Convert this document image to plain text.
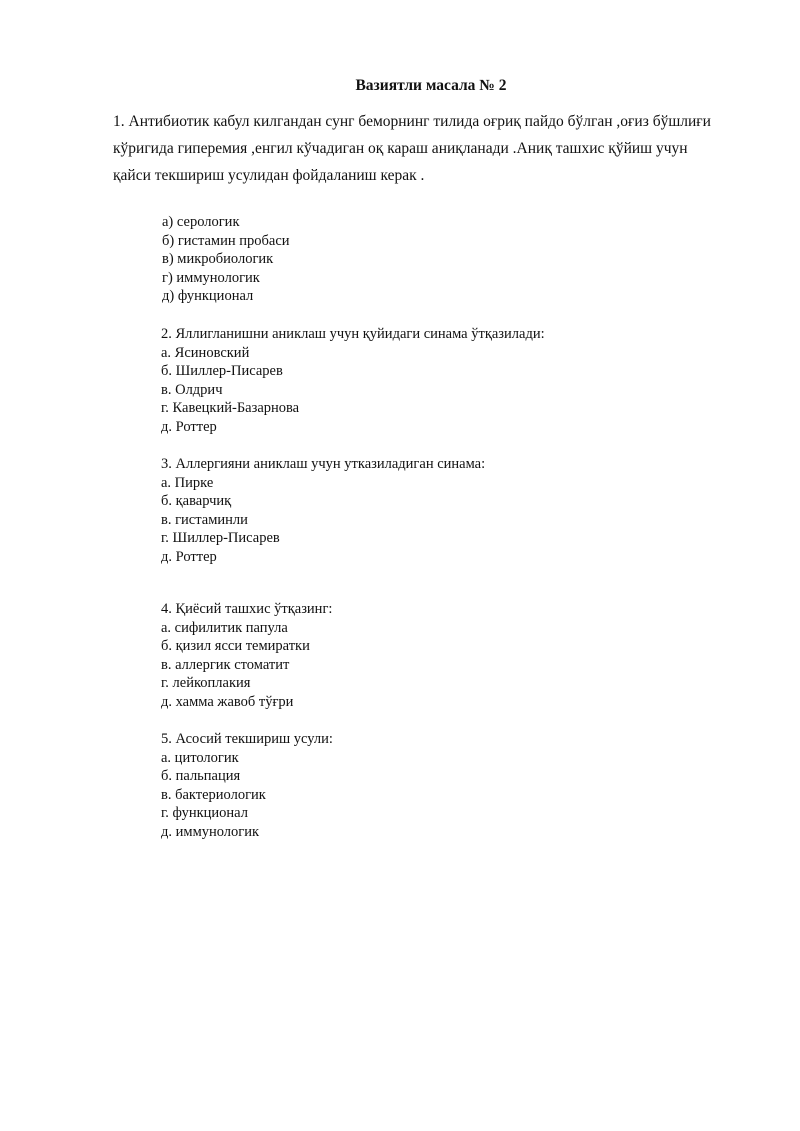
Вазиятли масала № 2
1. Антибиотик кабул килгандан сунг беморнинг тилида оғриқ пайдо бўлган ,оғиз бўшлиғи
кўригида гиперемия ,енгил кўчадиган оқ караш аниқланади .Аниқ ташхис қўйиш учун
қайси текшириш усулидан фойдаланиш керак .
а) серологик
б) гистамин пробаси
в) микробиологик
г) иммунологик
д) функционал
2. Яллигланишни аниклаш учун қуйидаги синама ўтқазилади:
а. Ясиновский
б. Шиллер-Писарев
в. Олдрич
г. Кавецкий-Базарнова
д. Роттер
3. Аллергияни аниклаш учун утказиладиган синама:
а. Пирке
б. қаварчиқ
в. гистаминли
г. Шиллер-Писарев
д. Роттер
4. Қиёсий ташхис ўтқазинг:
а. сифилитик папула
б. қизил ясси темиратки
в. аллергик стоматит
г. лейкоплакия
д. хамма жавоб тўғри
5. Асосий текшириш усули:
а. цитологик
б. пальпация
в. бактериологик
г. функционал
д. иммунологик
